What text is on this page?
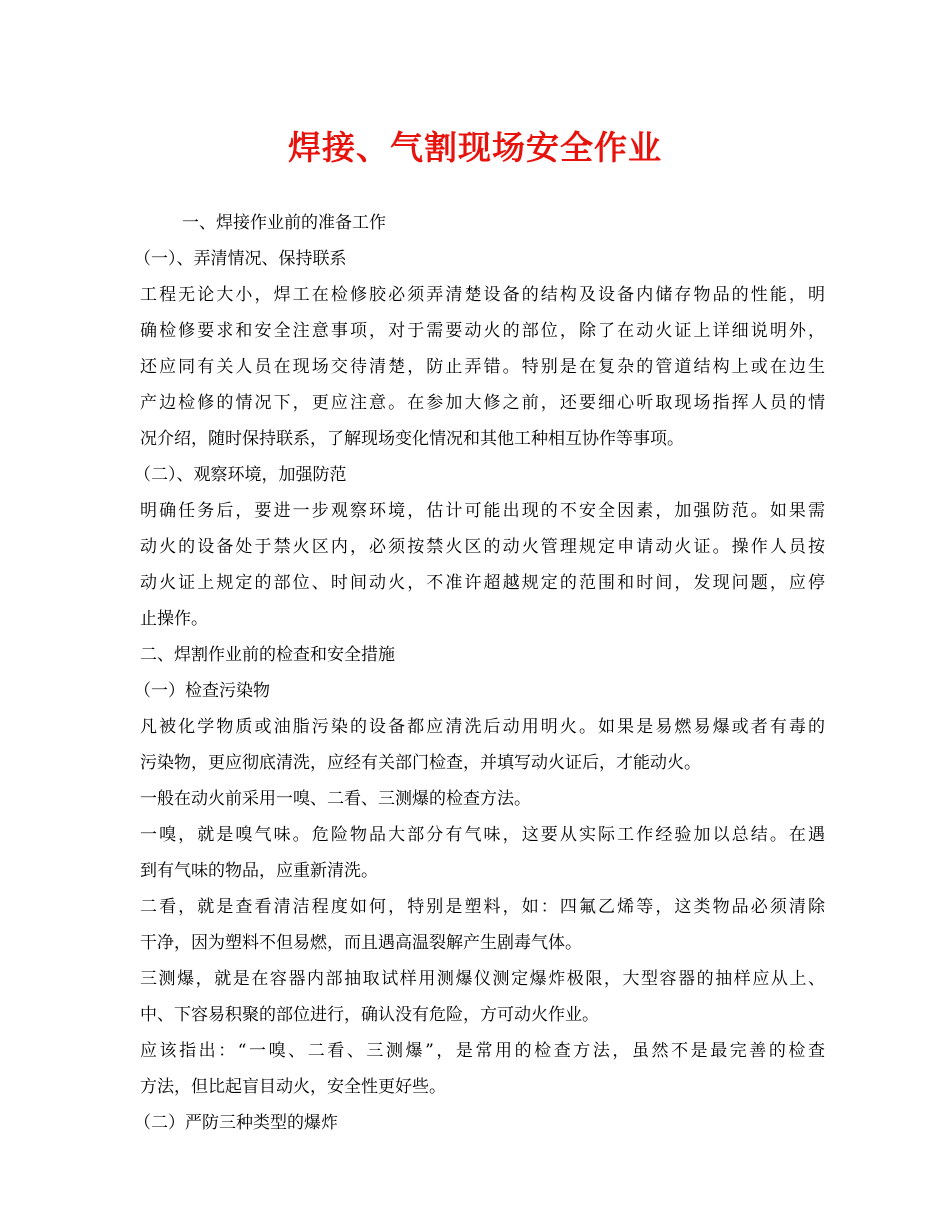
焊接、气割现场安全作业
一、焊接作业前的准备工作
（一）、弄清情况、保持联系
工程无论大小，焊工在检修胶必须弄清楚设备的结构及设备内储存物品的性能，明
确检修要求和安全注意事项，对于需要动火的部位，除了在动火证上详细说明外，
还应同有关人员在现场交待清楚，防止弄错。特别是在复杂的管道结构上或在边生
产边检修的情况下，更应注意。在参加大修之前，还要细心听取现场指挥人员的情
况介绍，随时保持联系，了解现场变化情况和其他工种相互协作等事项。
（二）、观察环境，加强防范
明确任务后，要进一步观察环境，估计可能出现的不安全因素，加强防范。如果需
动火的设备处于禁火区内，必须按禁火区的动火管理规定申请动火证。操作人员按
动火证上规定的部位、时间动火，不准许超越规定的范围和时间，发现问题，应停
止操作。
二、焊割作业前的检查和安全措施
（一）检查污染物
凡被化学物质或油脂污染的设备都应清洗后动用明火。如果是易燃易爆或者有毒的
污染物，更应彻底清洗，应经有关部门检查，并填写动火证后，才能动火。
一般在动火前采用一嗅、二看、三测爆的检查方法。
一嗅，就是嗅气味。危险物品大部分有气味，这要从实际工作经验加以总结。在遇
到有气味的物品，应重新清洗。
二看，就是查看清洁程度如何，特别是塑料，如：四氟乙烯等，这类物品必须清除
干净，因为塑料不但易燃，而且遇高温裂解产生剧毒气体。
三测爆，就是在容器内部抽取试样用测爆仪测定爆炸极限，大型容器的抽样应从上、
中、下容易积聚的部位进行，确认没有危险，方可动火作业。
应该指出：“一嗅、二看、三测爆”，是常用的检查方法，虽然不是最完善的检查
方法，但比起盲目动火，安全性更好些。
（二）严防三种类型的爆炸
